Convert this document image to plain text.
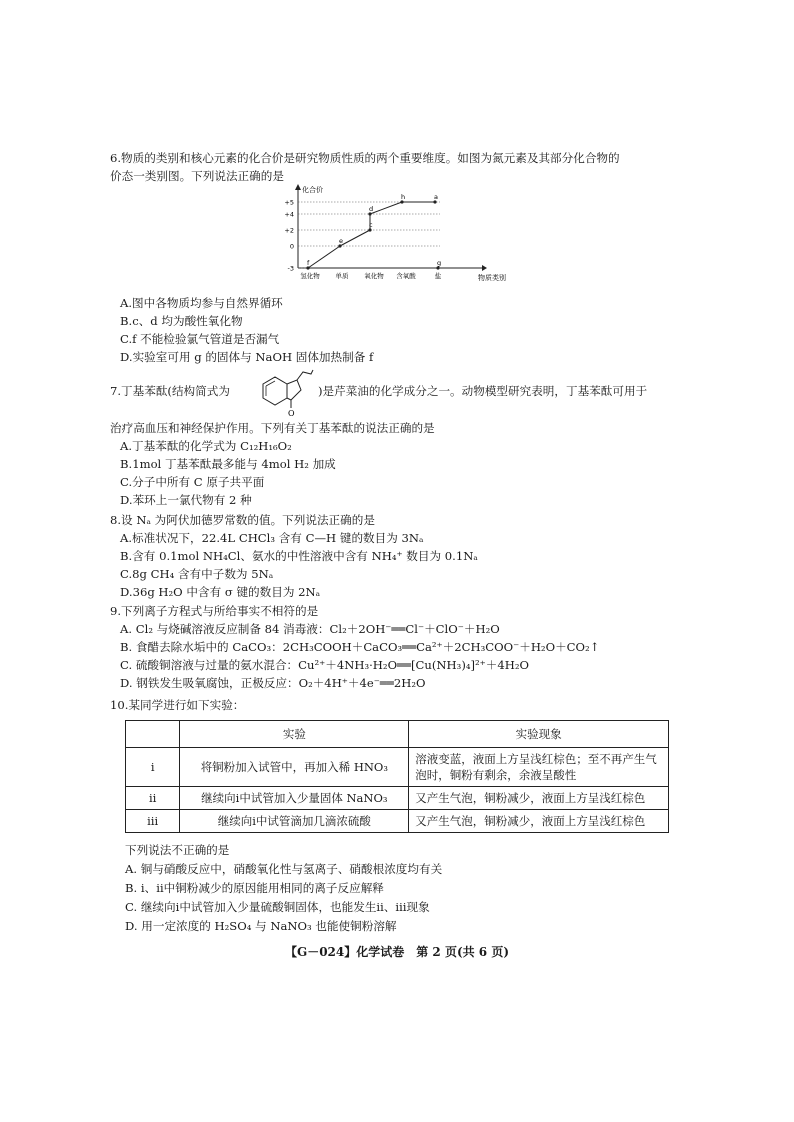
6.物质的类别和核心元素的化合价是研究物质性质的两个重要维度。如图为氮元素及其部分化合物的
价态一类别图。下列说法正确的是
化合价
物质类别
+5
+4
+2
0
-3
氢化物 单质 氧化物 含氧酸	盐
f
e
c
d
h	a
g
A.图中各物质均参与自然界循环
B.c、d 均为酸性氧化物
C.f 不能检验氯气管道是否漏气
D.实验室可用 g 的固体与 NaOH 固体加热制备 f
7.丁基苯酞(结构简式为
O
)是芹菜油的化学成分之一。动物模型研究表明，丁基苯酞可用于
治疗高血压和神经保护作用。下列有关丁基苯酞的说法正确的是
A.丁基苯酞的化学式为 C₁₂H₁₆O₂
B.1mol 丁基苯酞最多能与 4mol H₂ 加成
C.分子中所有 C 原子共平面
D.苯环上一氯代物有 2 种
8.设 Nₐ 为阿伏加德罗常数的值。下列说法正确的是
A.标准状况下，22.4L CHCl₃ 含有 C—H 键的数目为 3Nₐ
B.含有 0.1mol NH₄Cl、氨水的中性溶液中含有 NH₄⁺ 数目为 0.1Nₐ
C.8g CH₄ 含有中子数为 5Nₐ
D.36g H₂O 中含有 σ 键的数目为 2Nₐ
9.下列离子方程式与所给事实不相符的是
A. Cl₂ 与烧碱溶液反应制备 84 消毒液：Cl₂＋2OH⁻══Cl⁻＋ClO⁻＋H₂O
B. 食醋去除水垢中的 CaCO₃：2CH₃COOH＋CaCO₃══Ca²⁺＋2CH₃COO⁻＋H₂O＋CO₂↑
C. 硫酸铜溶液与过量的氨水混合：Cu²⁺＋4NH₃·H₂O══[Cu(NH₃)₄]²⁺＋4H₂O
D. 钢铁发生吸氧腐蚀，正极反应：O₂＋4H⁺＋4e⁻══2H₂O
10.某同学进行如下实验：
	实验	实验现象
ⅰ	将铜粉加入试管中，再加入稀 HNO₃	溶液变蓝，液面上方呈浅红棕色；至不再产生气泡时，铜粉有剩余，余液呈酸性
ⅱ	继续向ⅰ中试管加入少量固体 NaNO₃	又产生气泡，铜粉减少，液面上方呈浅红棕色
ⅲ	继续向ⅰ中试管滴加几滴浓硫酸	又产生气泡，铜粉减少，液面上方呈浅红棕色
下列说法不正确的是
A. 铜与硝酸反应中，硝酸氧化性与氢离子、硝酸根浓度均有关
B. ⅰ、ⅱ中铜粉减少的原因能用相同的离子反应解释
C. 继续向ⅰ中试管加入少量硫酸铜固体，也能发生ⅱ、ⅲ现象
D. 用一定浓度的 H₂SO₄ 与 NaNO₃ 也能使铜粉溶解
【G－024】化学试卷　第 2 页(共 6 页)
